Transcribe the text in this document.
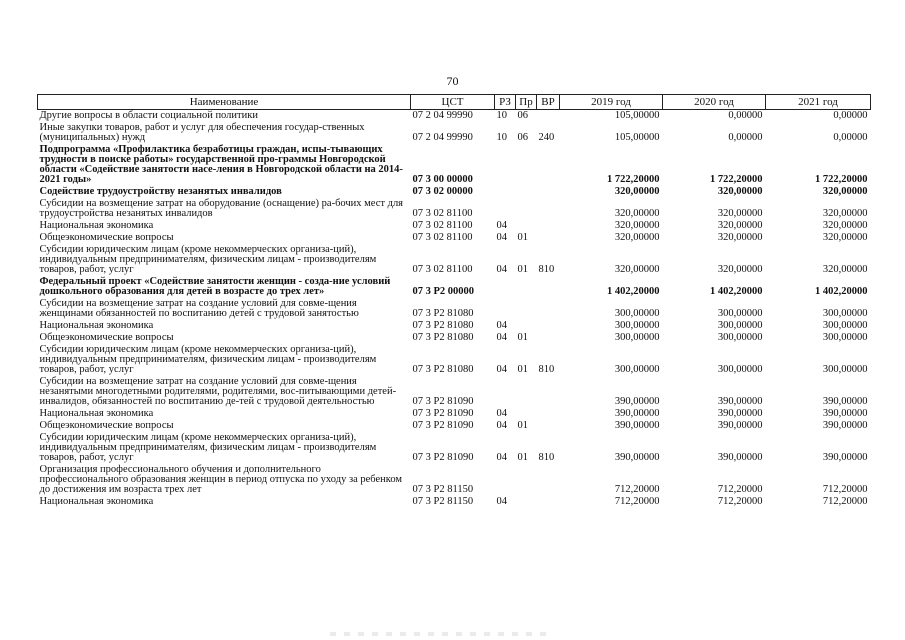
70
Наименование	ЦСТ	РЗ	Пр	ВР	2019 год	2020 год	2021 год
Другие вопросы в области социальной политики	07 2 04 99990	10	06		105,00000	0,00000	0,00000
Иные закупки товаров, работ и услуг для обеспечения государ-ственных (муниципальных) нужд	07 2 04 99990	10	06	240	105,00000	0,00000	0,00000
Подпрограмма «Профилактика безработицы граждан, испы-тывающих трудности в поиске работы» государственной про-граммы Новгородской области «Содействие занятости насе-ления в Новгородской области на 2014-2021 годы»	07 3 00 00000				1 722,20000	1 722,20000	1 722,20000
Содействие трудоустройству незанятых инвалидов	07 3 02 00000				320,00000	320,00000	320,00000
Субсидии на возмещение затрат на оборудование (оснащение) ра-бочих мест для трудоустройства незанятых инвалидов	07 3 02 81100				320,00000	320,00000	320,00000
Национальная экономика	07 3 02 81100	04			320,00000	320,00000	320,00000
Общеэкономические вопросы	07 3 02 81100	04	01		320,00000	320,00000	320,00000
Субсидии юридическим лицам (кроме некоммерческих организа-ций), индивидуальным предпринимателям, физическим лицам - производителям товаров, работ, услуг	07 3 02 81100	04	01	810	320,00000	320,00000	320,00000
Федеральный проект «Содействие занятости женщин - созда-ние условий дошкольного образования для детей в возрасте до трех лет»	07 3 P2 00000				1 402,20000	1 402,20000	1 402,20000
Субсидии на возмещение затрат на создание условий для совме-щения женщинами обязанностей по воспитанию детей с трудовой занятостью	07 3 P2 81080				300,00000	300,00000	300,00000
Национальная экономика	07 3 P2 81080	04			300,00000	300,00000	300,00000
Общеэкономические вопросы	07 3 P2 81080	04	01		300,00000	300,00000	300,00000
Субсидии юридическим лицам (кроме некоммерческих организа-ций), индивидуальным предпринимателям, физическим лицам - производителям товаров, работ, услуг	07 3 P2 81080	04	01	810	300,00000	300,00000	300,00000
Субсидии на возмещение затрат на создание условий для совме-щения незанятыми многодетными родителями, родителями, вос-питывающими детей-инвалидов, обязанностей по воспитанию де-тей с трудовой деятельностью	07 3 P2 81090				390,00000	390,00000	390,00000
Национальная экономика	07 3 P2 81090	04			390,00000	390,00000	390,00000
Общеэкономические вопросы	07 3 P2 81090	04	01		390,00000	390,00000	390,00000
Субсидии юридическим лицам (кроме некоммерческих организа-ций), индивидуальным предпринимателям, физическим лицам - производителям товаров, работ, услуг	07 3 P2 81090	04	01	810	390,00000	390,00000	390,00000
Организация профессионального обучения и дополнительного профессионального образования женщин в период отпуска по уходу за ребенком до достижения им возраста трех лет	07 3 P2 81150				712,20000	712,20000	712,20000
Национальная экономика	07 3 P2 81150	04			712,20000	712,20000	712,20000
